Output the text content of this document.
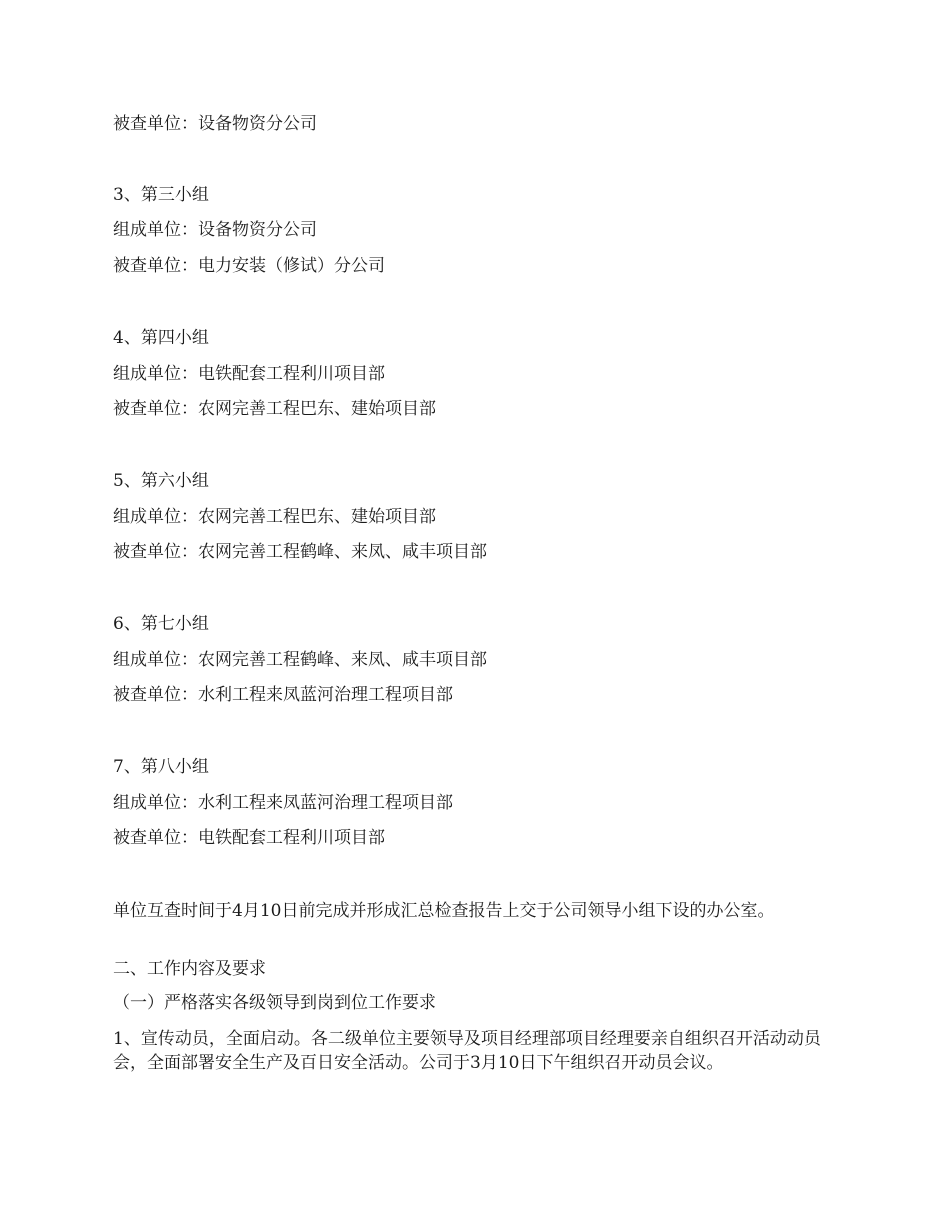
被查单位：设备物资分公司
3、第三小组
组成单位：设备物资分公司
被查单位：电力安装（修试）分公司
4、第四小组
组成单位：电铁配套工程利川项目部
被查单位：农网完善工程巴东、建始项目部
5、第六小组
组成单位：农网完善工程巴东、建始项目部
被查单位：农网完善工程鹤峰、来凤、咸丰项目部
6、第七小组
组成单位：农网完善工程鹤峰、来凤、咸丰项目部
被查单位：水利工程来凤蓝河治理工程项目部
7、第八小组
组成单位：水利工程来凤蓝河治理工程项目部
被查单位：电铁配套工程利川项目部
单位互查时间于4月10日前完成并形成汇总检查报告上交于公司领导小组下设的办公室。
二、工作内容及要求
（一）严格落实各级领导到岗到位工作要求
1、宣传动员，全面启动。各二级单位主要领导及项目经理部项目经理要亲自组织召开活动动员会，全面部署安全生产及百日安全活动。公司于3月10日下午组织召开动员会议。
